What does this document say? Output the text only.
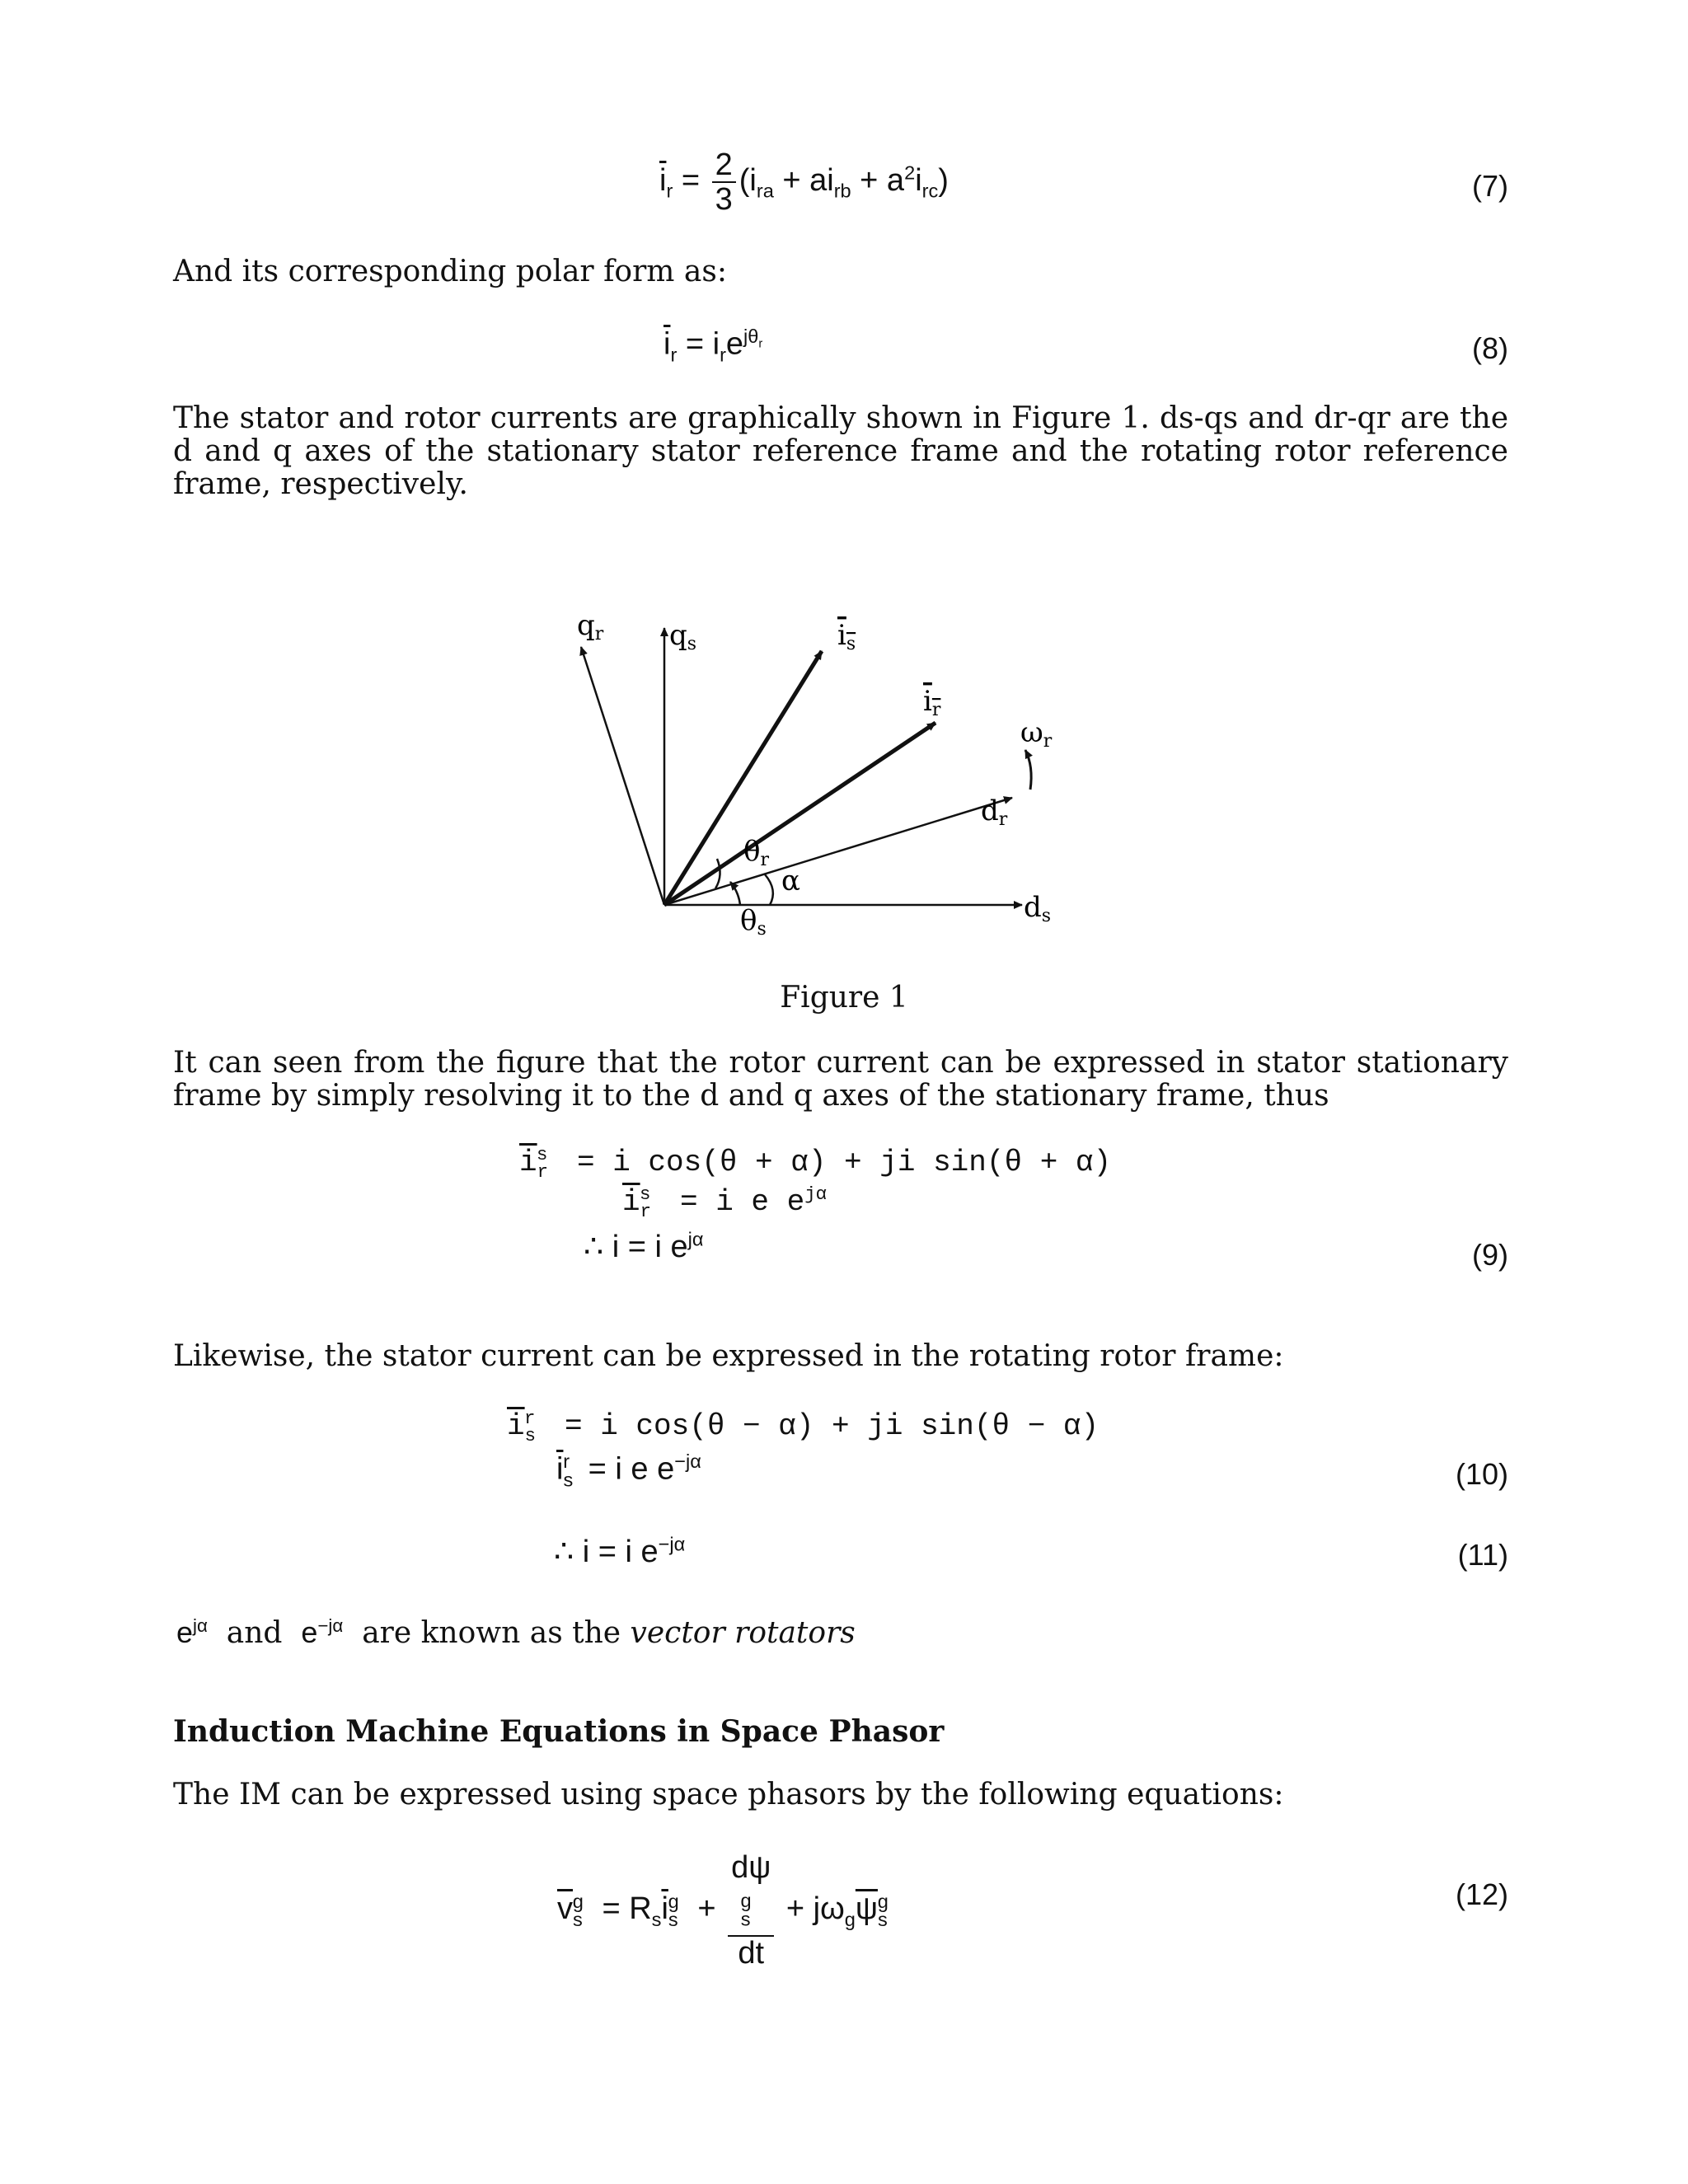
$\overline{i}_r = \frac{2}{3} (i_{ra} + ai_{rb} + a^2i_{rc})$	(7)
And its corresponding polar form as:
$\overline{i}_r = i_re^{j\theta_r}$	(8)
The stator and rotor currents are graphically shown in Figure 1. ds-qs and dr-qr are the d and q axes of the stationary stator reference frame and the rotating rotor reference frame, respectively.
qr qs	is
ir
ωr
dr
ds
θr
α
θs
Figure 1
It can seen from the figure that the rotor current can be expressed in stator stationary frame by simply resolving it to the d and q axes of the stationary frame, thus
$\overline{i}_r^s = i$ cos(θ + α) + ji sin(θ + α)
$\overline{i}_r^s = i$ e $e^{j\alpha}$
∴ i = i $e^{j\alpha}$	(9)
Likewise, the stator current can be expressed in the rotating rotor frame:
$\overline{i}_s^r = i$ cos(θ − α) + ji sin(θ − α)
$\overline{i}_s^r = i$ e $e^{-j\alpha}$	(10)
∴ i = i $e^{-j\alpha}$	(11)
$e^{j\alpha}$ and $e^{-j\alpha}$ are known as the vector rotators
Induction Machine Equations in Space Phasor
The IM can be expressed using space phasors by the following equations:
$\overline{v}_s^g = R_s\overline{i}_s^g + d\psi$
$_s^g$
dt + $j\omega_g\overline{\psi}_s^g$	(12)
